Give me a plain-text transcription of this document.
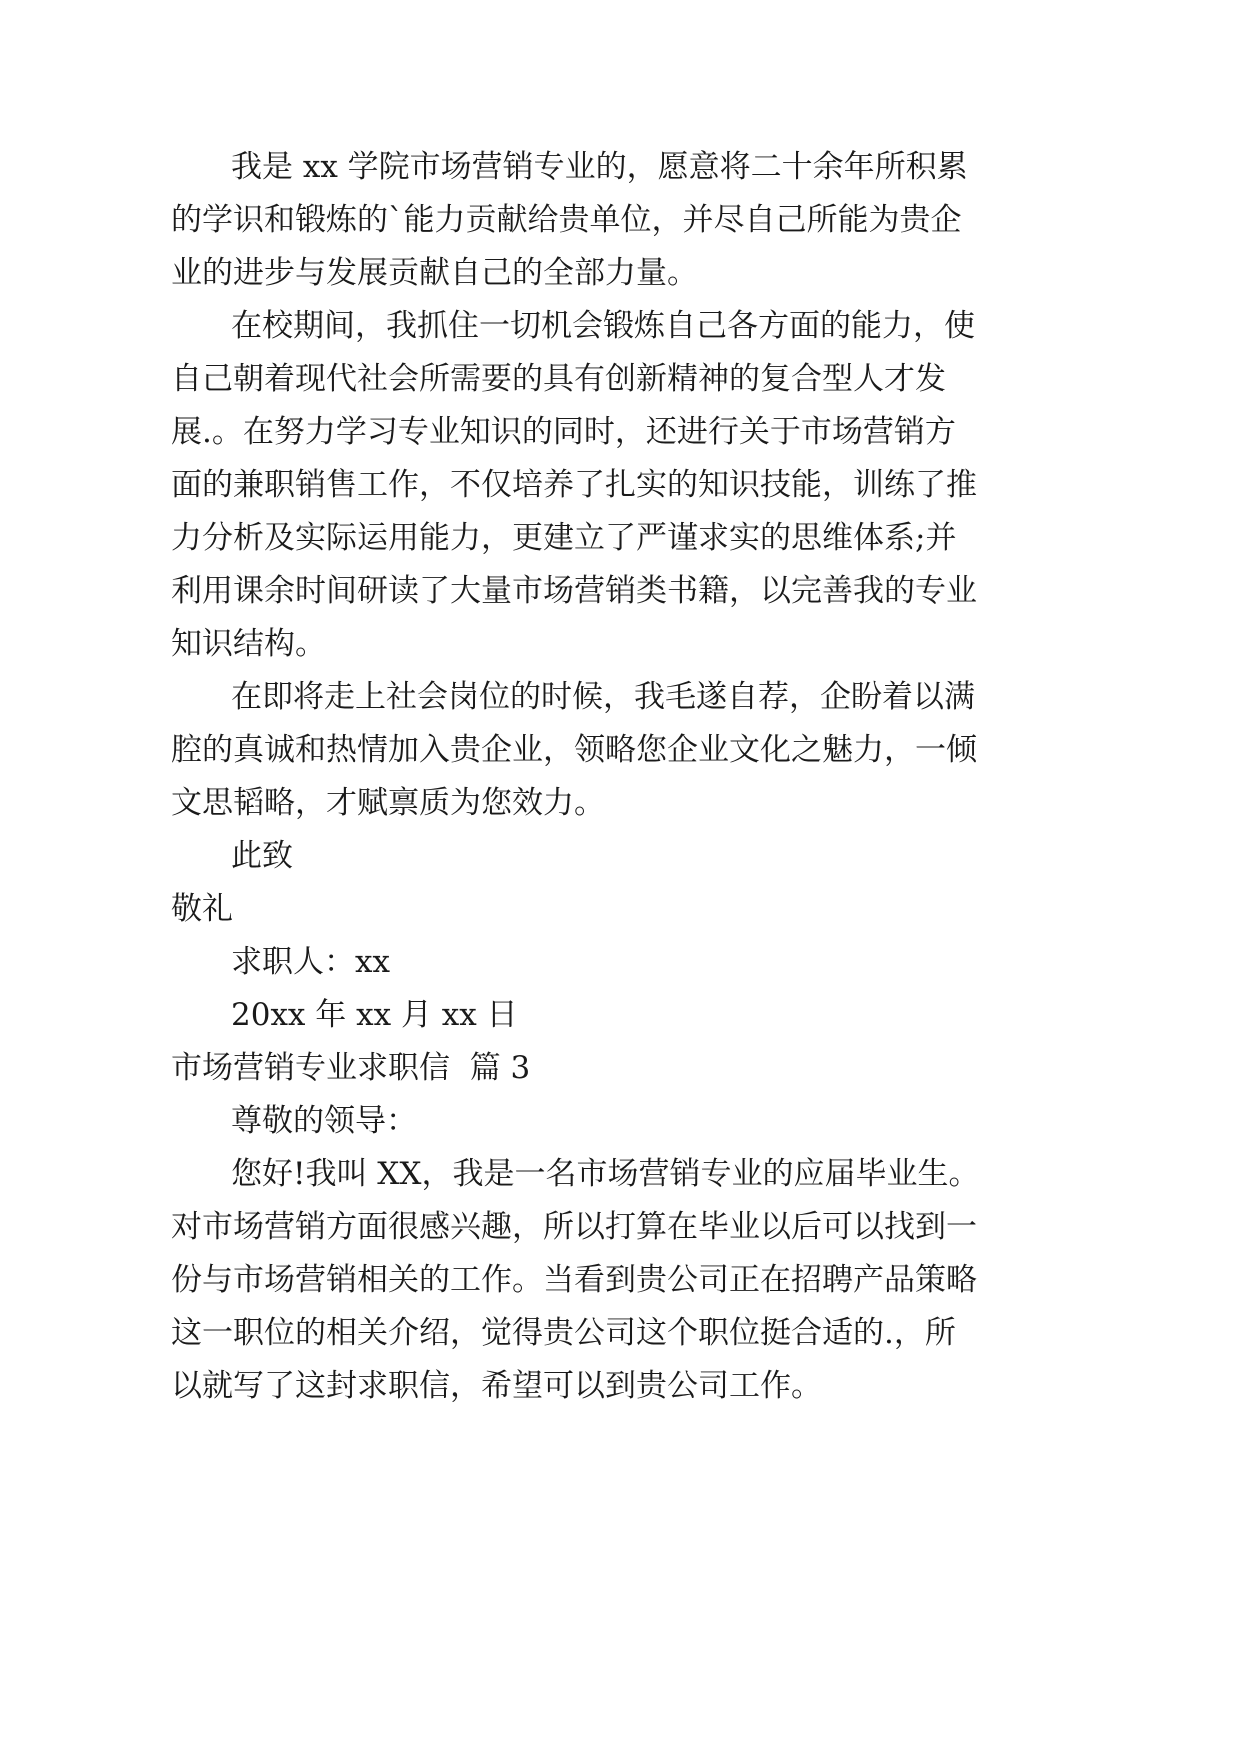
我是 xx 学院市场营销专业的，愿意将二十余年所积累
的学识和锻炼的`能力贡献给贵单位，并尽自己所能为贵企
业的进步与发展贡献自己的全部力量。
在校期间，我抓住一切机会锻炼自己各方面的能力，使
自己朝着现代社会所需要的具有创新精神的复合型人才发
展.。在努力学习专业知识的同时，还进行关于市场营销方
面的兼职销售工作，不仅培养了扎实的知识技能，训练了推
力分析及实际运用能力，更建立了严谨求实的思维体系;并
利用课余时间研读了大量市场营销类书籍，以完善我的专业
知识结构。
在即将走上社会岗位的时候，我毛遂自荐，企盼着以满
腔的真诚和热情加入贵企业，领略您企业文化之魅力，一倾
文思韬略，才赋禀质为您效力。
此致
敬礼
求职人：xx
20xx 年 xx 月 xx 日
市场营销专业求职信  篇 3
尊敬的领导：
您好!我叫 XX，我是一名市场营销专业的应届毕业生。
对市场营销方面很感兴趣，所以打算在毕业以后可以找到一
份与市场营销相关的工作。当看到贵公司正在招聘产品策略
这一职位的相关介绍，觉得贵公司这个职位挺合适的.，所
以就写了这封求职信，希望可以到贵公司工作。
